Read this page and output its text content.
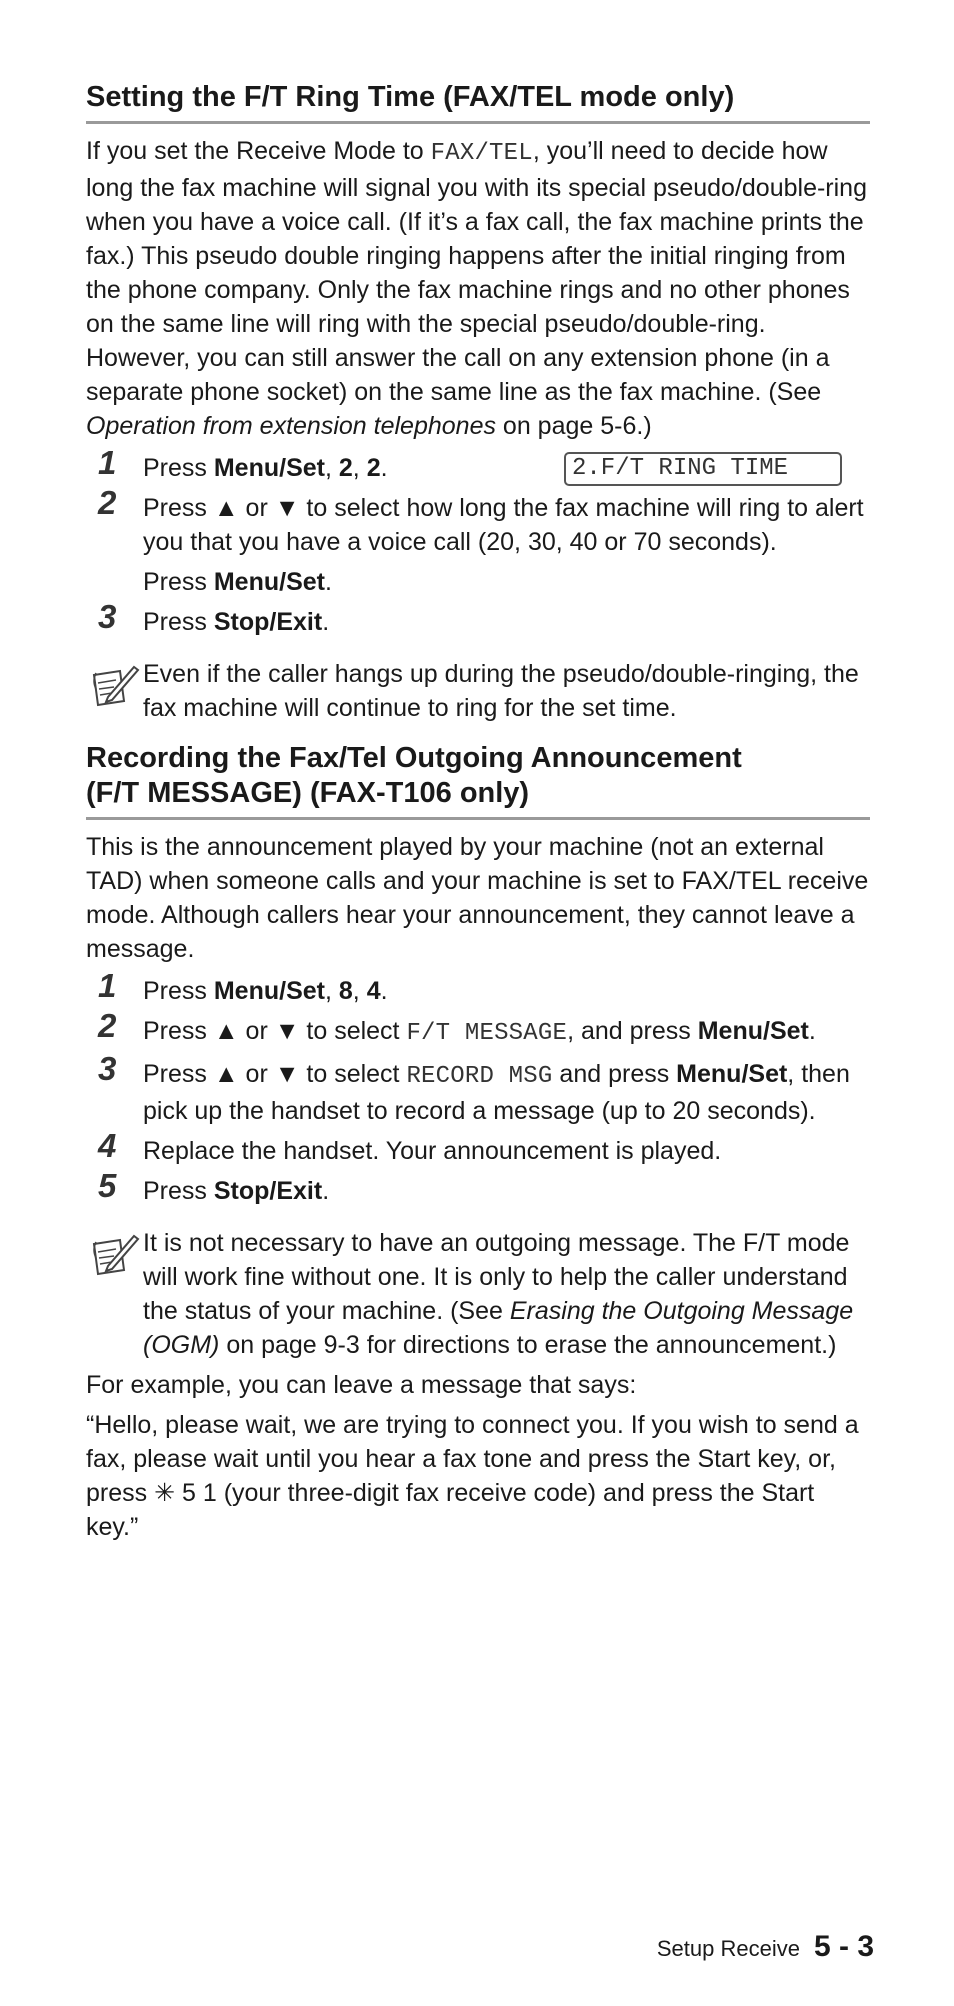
Setting the F/T Ring Time (FAX/TEL mode only)

If you set the Receive Mode to FAX/TEL, you’ll need to decide how long the fax machine will signal you with its special pseudo/double-ring when you have a voice call. (If it’s a fax call, the fax machine prints the fax.) This pseudo double ringing happens after the initial ringing from the phone company. Only the fax machine rings and no other phones on the same line will ring with the special pseudo/double-ring. However, you can still answer the call on any extension phone (in a separate phone socket) on the same line as the fax machine. (See Operation from extension telephones on page 5-6.)

2.F/T RING TIME
1 Press Menu/Set, 2, 2.
2 Press ▲ or ▼ to select how long the fax machine will ring to alert you that you have a voice call (20, 30, 40 or 70 seconds).
Press Menu/Set.
3 Press Stop/Exit.
Even if the caller hangs up during the pseudo/double-ringing, the fax machine will continue to ring for the set time.
Recording the Fax/Tel Outgoing Announcement
(F/T MESSAGE) (FAX-T106 only)

This is the announcement played by your machine (not an external TAD) when someone calls and your machine is set to FAX/TEL receive mode. Although callers hear your announcement, they cannot leave a message.

1 Press Menu/Set, 8, 4.
2 Press ▲ or ▼ to select F/T MESSAGE, and press Menu/Set.
3 Press ▲ or ▼ to select RECORD MSG and press Menu/Set, then pick up the handset to record a message (up to 20 seconds).
4 Replace the handset. Your announcement is played.
5 Press Stop/Exit.
It is not necessary to have an outgoing message. The F/T mode will work fine without one. It is only to help the caller understand the status of your machine. (See Erasing the Outgoing Message (OGM) on page 9-3 for directions to erase the announcement.)

For example, you can leave a message that says:

“Hello, please wait, we are trying to connect you. If you wish to send a fax, please wait until you hear a fax tone and press the Start key, or, press ✳ 5 1 (your three-digit fax receive code) and press the Start key.”

Setup Receive 5 - 3
